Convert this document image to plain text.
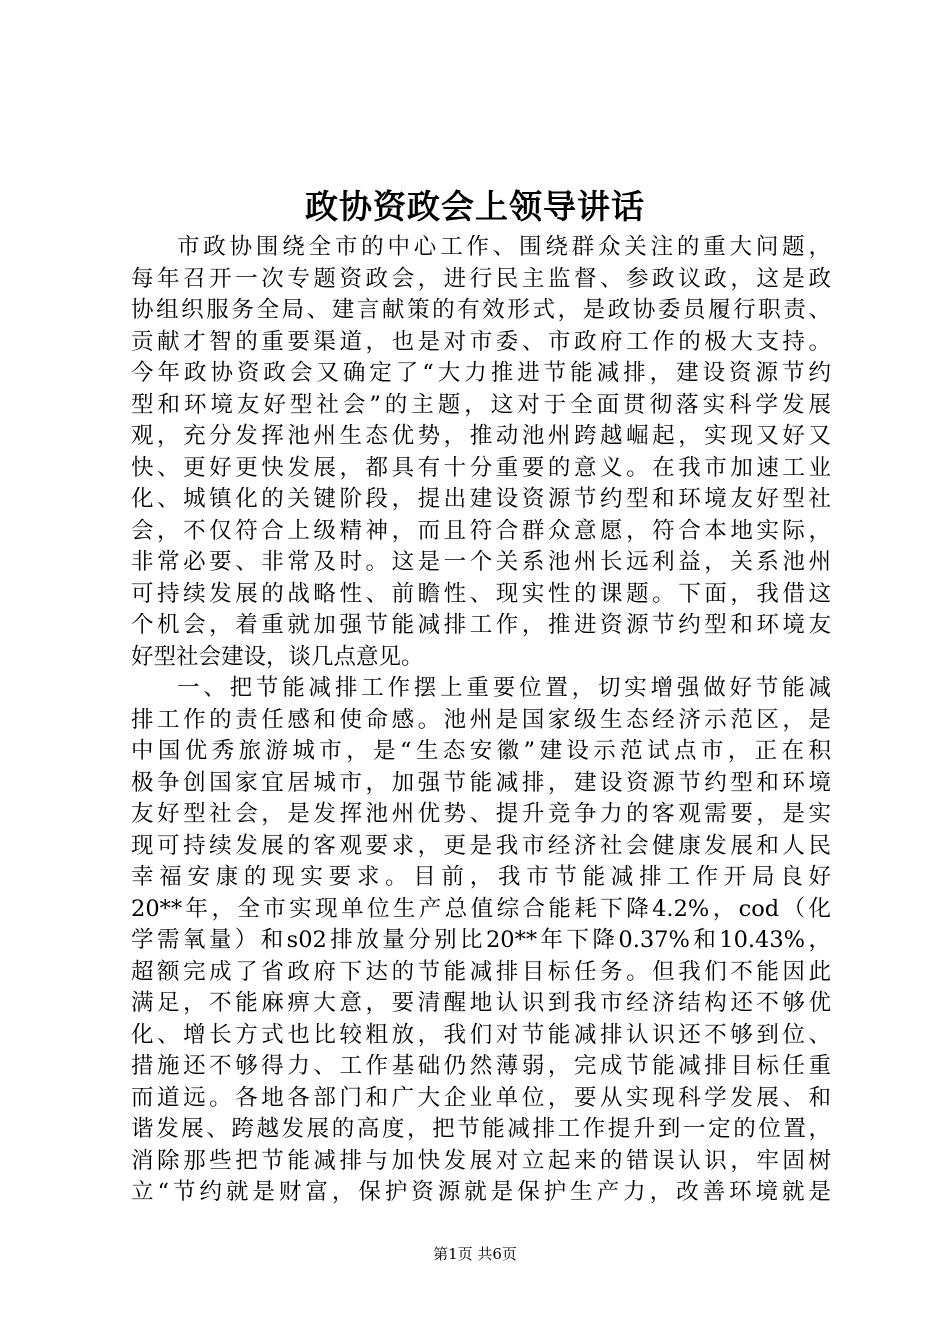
政协资政会上领导讲话
市政协围绕全市的中心工作、围绕群众关注的重大问题，
每年召开一次专题资政会，进行民主监督、参政议政，这是政
协组织服务全局、建言献策的有效形式，是政协委员履行职责、
贡献才智的重要渠道，也是对市委、市政府工作的极大支持。
今年政协资政会又确定了“大力推进节能减排，建设资源节约
型和环境友好型社会”的主题，这对于全面贯彻落实科学发展
观，充分发挥池州生态优势，推动池州跨越崛起，实现又好又
快、更好更快发展，都具有十分重要的意义。在我市加速工业
化、城镇化的关键阶段，提出建设资源节约型和环境友好型社
会，不仅符合上级精神，而且符合群众意愿，符合本地实际，
非常必要、非常及时。这是一个关系池州长远利益，关系池州
可持续发展的战略性、前瞻性、现实性的课题。下面，我借这
个机会，着重就加强节能减排工作，推进资源节约型和环境友
好型社会建设，谈几点意见。
一、把节能减排工作摆上重要位置，切实增强做好节能减
排工作的责任感和使命感。池州是国家级生态经济示范区，是
中国优秀旅游城市，是“生态安徽”建设示范试点市，正在积
极争创国家宜居城市，加强节能减排，建设资源节约型和环境
友好型社会，是发挥池州优势、提升竞争力的客观需要，是实
现可持续发展的客观要求，更是我市经济社会健康发展和人民
幸福安康的现实要求。目前，我市节能减排工作开局良好
20**年，全市实现单位生产总值综合能耗下降4.2%，cod（化
学需氧量）和s02排放量分别比20**年下降0.37%和10.43%，
超额完成了省政府下达的节能减排目标任务。但我们不能因此
满足，不能麻痹大意，要清醒地认识到我市经济结构还不够优
化、增长方式也比较粗放，我们对节能减排认识还不够到位、
措施还不够得力、工作基础仍然薄弱，完成节能减排目标任重
而道远。各地各部门和广大企业单位，要从实现科学发展、和
谐发展、跨越发展的高度，把节能减排工作提升到一定的位置，
消除那些把节能减排与加快发展对立起来的错误认识，牢固树
立“节约就是财富，保护资源就是保护生产力，改善环境就是
第1页 共6页
